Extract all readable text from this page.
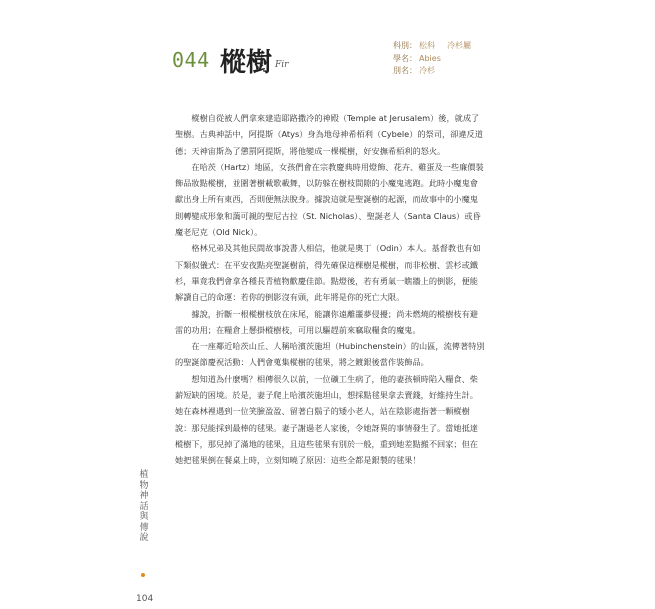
044 樅樹 Fir
科別： 松科 冷杉屬
學名： Abies
別名： 冷杉

樅樹自從被人們拿來建造耶路撒冷的神殿（Temple at Jerusalem）後，就成了聖樹。古典神話中，阿提斯（Atys）身為地母神希栢利（Cybele）的祭司，卻違反道德；天神宙斯為了懲罰阿提斯，將他變成一棵樅樹，好安撫希栢利的怒火。

在哈茨（Hartz）地區，女孩們會在宗教慶典時用燈飾、花卉、雞蛋及一些廉價裝飾品妝點樅樹，並圍著樹載歌載舞，以防躲在樹枝間隙的小魔鬼逃跑。此時小魔鬼會獻出身上所有東西，否則便無法脫身。據說這就是聖誕樹的起源，而故事中的小魔鬼則轉變成形象和藹可親的聖尼古拉（St. Nicholas）、聖誕老人（Santa Claus）或昏魔老尼克（Old Nick）。

格林兄弟及其他民間故事說書人相信，他就是奧丁（Odin）本人。基督教也有如下類似儀式：在平安夜點亮聖誕樹前，得先確保這棵樹是樅樹，而非松樹、雲杉或鐵杉，畢竟我們會拿各種長青植物歡慶佳節。點燈後，若有勇氣一瞧牆上的倒影，便能解讀自己的命運：若你的倒影沒有頭，此年將是你的死亡大限。

據說，折斷一根樅樹枝放在床尾，能讓你遠離噩夢侵擾；尚未燃燒的樅樹枝有避雷的功用；在糧倉上懸掛樅樹枝，可用以驅趕前來竊取糧食的魔鬼。

在一座鄰近哈茨山丘、人稱哈濱茨施坦（Hubinchenstein）的山區，流傳著特別的聖誕節慶祝活動：人們會蒐集樅樹的毬果，將之鍍銀後當作裝飾品。

想知道為什麼嗎？相傳很久以前，一位礦工生病了，他的妻孩頓時陷入糧食、柴薪短缺的困境。於是，妻子爬上哈濱茨施坦山，想採點毬果拿去賣錢，好維持生計。她在森林裡遇到一位笑臉盈盈、留著白鬍子的矮小老人，站在陰影處指著一顆樅樹說：那兒能採到最棒的毬果。妻子謝過老人家後，令她訝異的事情發生了。當她抵達樅樹下，那兒掉了滿地的毬果，且這些毬果有別於一般，重到她差點搬不回家；但在她把毬果倒在餐桌上時，立刻知曉了原因：這些全都是銀製的毬果！

植
物
神
話
與
傳
說
104
